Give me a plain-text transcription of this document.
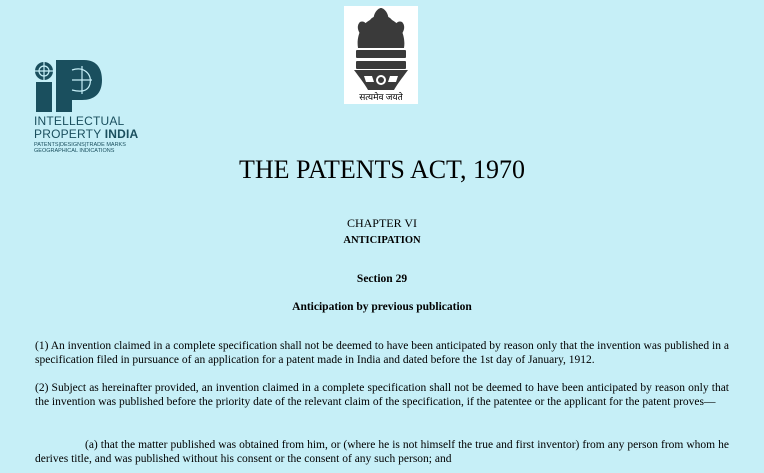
सत्यमेव जयते
INTELLECTUAL
PROPERTY INDIA
PATENTS|DESIGNS|TRADE MARKS
GEOGRAPHICAL INDICATIONS
THE PATENTS ACT, 1970
CHAPTER VI
ANTICIPATION
Section 29
Anticipation by previous publication
(1) An invention claimed in a complete specification shall not be deemed to have been anticipated by reason only that the invention was published in a specification filed in pursuance of an application for a patent made in India and dated before the 1st day of January, 1912.
(2) Subject as hereinafter provided, an invention claimed in a complete specification shall not be deemed to have been anticipated by reason only that the invention was published before the priority date of the relevant claim of the specification, if the patentee or the applicant for the patent proves—
(a) that the matter published was obtained from him, or (where he is not himself the true and first inventor) from any person from whom he derives title, and was published without his consent or the consent of any such person; and
